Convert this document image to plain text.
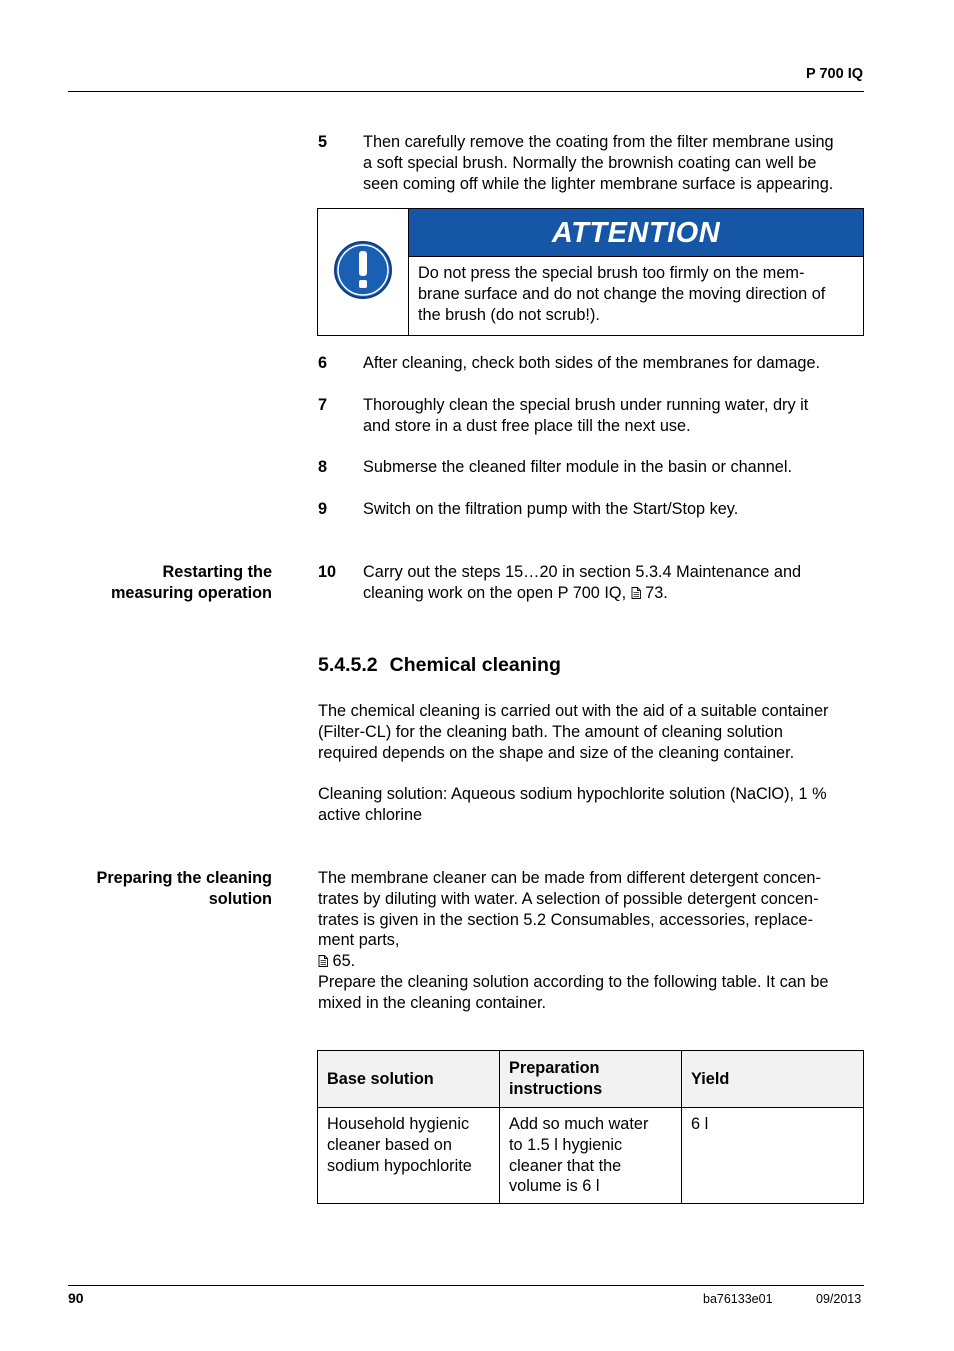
P 700 IQ
5 Then carefully remove the coating from the filter membrane using
a soft special brush. Normally the brownish coating can well be
seen coming off while the lighter membrane surface is appearing.
ATTENTION
Do not press the special brush too firmly on the mem-
brane surface and do not change the moving direction of
the brush (do not scrub!).
6 After cleaning, check both sides of the membranes for damage.
7 Thoroughly clean the special brush under running water, dry it
and store in a dust free place till the next use.
8 Submerse the cleaned filter module in the basin or channel.
9 Switch on the filtration pump with the Start/Stop key.
Restarting the
measuring operation
10 Carry out the steps 15…20 in section 5.3.4 Maintenance and
cleaning work on the open P 700 IQ,  73.
5.4.5.2 Chemical cleaning
The chemical cleaning is carried out with the aid of a suitable container
(Filter-CL) for the cleaning bath. The amount of cleaning solution
required depends on the shape and size of the cleaning container.
Cleaning solution: Aqueous sodium hypochlorite solution (NaClO), 1 %
active chlorine
Preparing the cleaning
solution
The membrane cleaner can be made from different detergent concen-
trates by diluting with water. A selection of possible detergent concen-
trates is given in the section 5.2 Consumables, accessories, replace-
ment parts,
65.
Prepare the cleaning solution according to the following table. It can be
mixed in the cleaning container.
Base solution	Preparation
instructions	Yield

Household hygienic
cleaner based on
sodium hypochlorite	Add so much water
to 1.5 l hygienic
cleaner that the
volume is 6 l	6 l
90	ba76133e01	09/2013
